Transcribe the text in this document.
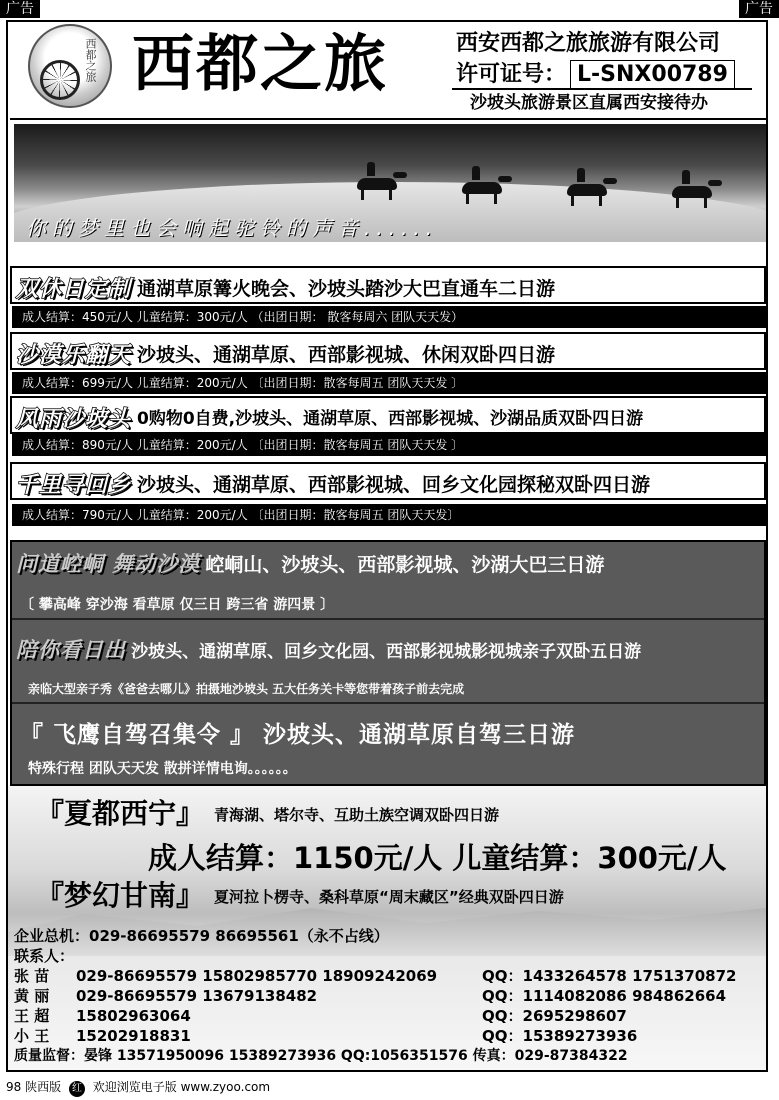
广告	广告
西都之旅 西都之旅	西安西都之旅旅游有限公司
许可证号： L-SNX00789
沙坡头旅游景区直属西安接待办
你的梦里也会响起驼铃的声音......
双休日定制 通湖草原篝火晚会、沙坡头踏沙大巴直通车二日游
成人结算：450元/人 儿童结算：300元/人 （出团日期： 散客每周六 团队天天发）
沙漠乐翻天 沙坡头、通湖草原、西部影视城、休闲双卧四日游
成人结算：699元/人 儿童结算：200元/人 〔出团日期：散客每周五 团队天天发 〕
风雨沙坡头 0购物0自费,沙坡头、通湖草原、西部影视城、沙湖品质双卧四日游
成人结算：890元/人 儿童结算：200元/人 〔出团日期：散客每周五 团队天天发 〕
千里寻回乡 沙坡头、通湖草原、西部影视城、回乡文化园探秘双卧四日游
成人结算：790元/人 儿童结算：200元/人 〔出团日期：散客每周五 团队天天发〕
问道崆峒 舞动沙漠 崆峒山、沙坡头、西部影视城、沙湖大巴三日游
〔 攀高峰 穿沙海 看草原 仅三日 跨三省 游四景 〕
陪你看日出 沙坡头、通湖草原、回乡文化园、西部影视城影视城亲子双卧五日游
亲临大型亲子秀《爸爸去哪儿》拍摄地沙坡头 五大任务关卡等您带着孩子前去完成
『 飞鹰自驾召集令 』 沙坡头、通湖草原自驾三日游
特殊行程 团队天天发 散拼详情电询。。。。。。
『夏都西宁』 青海湖、塔尔寺、互助土族空调双卧四日游
成人结算：1150元/人 儿童结算：300元/人
『梦幻甘南』 夏河拉卜楞寺、桑科草原“周末藏区”经典双卧四日游
企业总机：029-86695579 86695561（永不占线）
联系人：
张 苗 029-86695579 15802985770 18909242069	QQ：1433264578 1751370872
黄 丽 029-86695579 13679138482	QQ：1114082086 984862664
王 超 15802963064	QQ：2695298607
小 王 15202918831	QQ：15389273936
质量监督：晏锋 13571950096 15389273936 QQ:1056351576 传真：029-87384322
98 陕西版 红 欢迎浏览电子版 www.zyoo.com
